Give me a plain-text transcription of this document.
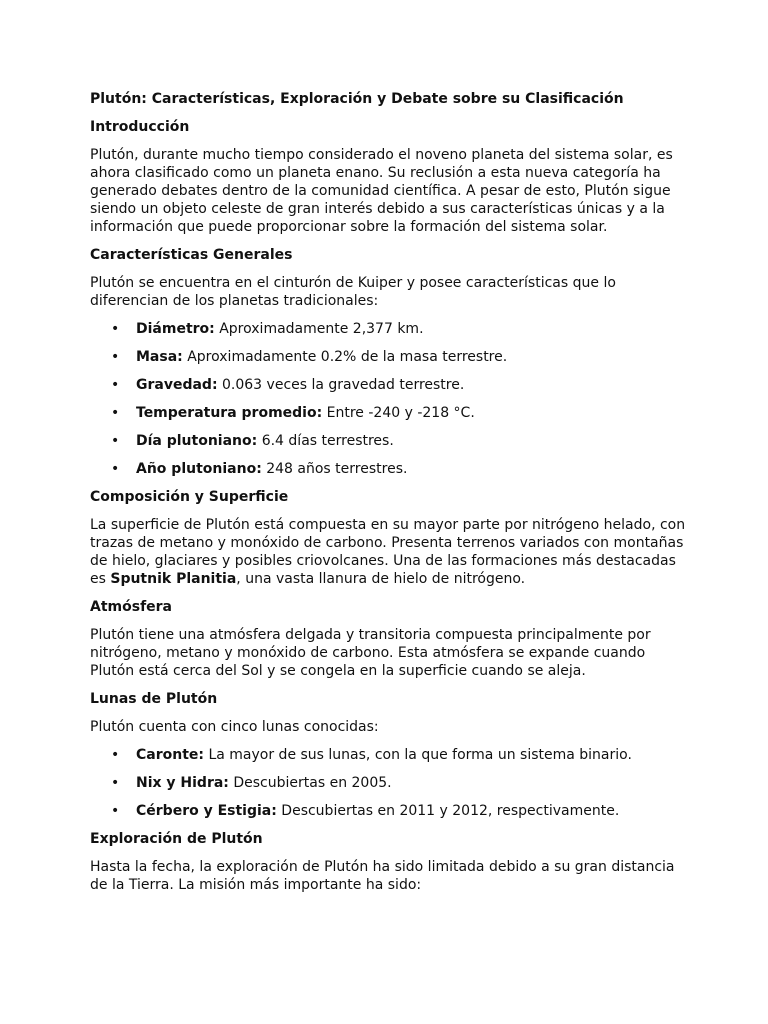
Plutón: Características, Exploración y Debate sobre su Clasificación
Introducción
Plutón, durante mucho tiempo considerado el noveno planeta del sistema solar, es ahora clasificado como un planeta enano. Su reclusión a esta nueva categoría ha generado debates dentro de la comunidad científica. A pesar de esto, Plutón sigue siendo un objeto celeste de gran interés debido a sus características únicas y a la información que puede proporcionar sobre la formación del sistema solar.
Características Generales
Plutón se encuentra en el cinturón de Kuiper y posee características que lo diferencian de los planetas tradicionales:
• Diámetro: Aproximadamente 2,377 km.
• Masa: Aproximadamente 0.2% de la masa terrestre.
• Gravedad: 0.063 veces la gravedad terrestre.
• Temperatura promedio: Entre -240 y -218 °C.
• Día plutoniano: 6.4 días terrestres.
• Año plutoniano: 248 años terrestres.
Composición y Superficie
La superficie de Plutón está compuesta en su mayor parte por nitrógeno helado, con trazas de metano y monóxido de carbono. Presenta terrenos variados con montañas de hielo, glaciares y posibles criovolcanes. Una de las formaciones más destacadas es Sputnik Planitia, una vasta llanura de hielo de nitrógeno.
Atmósfera
Plutón tiene una atmósfera delgada y transitoria compuesta principalmente por nitrógeno, metano y monóxido de carbono. Esta atmósfera se expande cuando Plutón está cerca del Sol y se congela en la superficie cuando se aleja.
Lunas de Plutón
Plutón cuenta con cinco lunas conocidas:
• Caronte: La mayor de sus lunas, con la que forma un sistema binario.
• Nix y Hidra: Descubiertas en 2005.
• Cérbero y Estigia: Descubiertas en 2011 y 2012, respectivamente.
Exploración de Plutón
Hasta la fecha, la exploración de Plutón ha sido limitada debido a su gran distancia de la Tierra. La misión más importante ha sido:
